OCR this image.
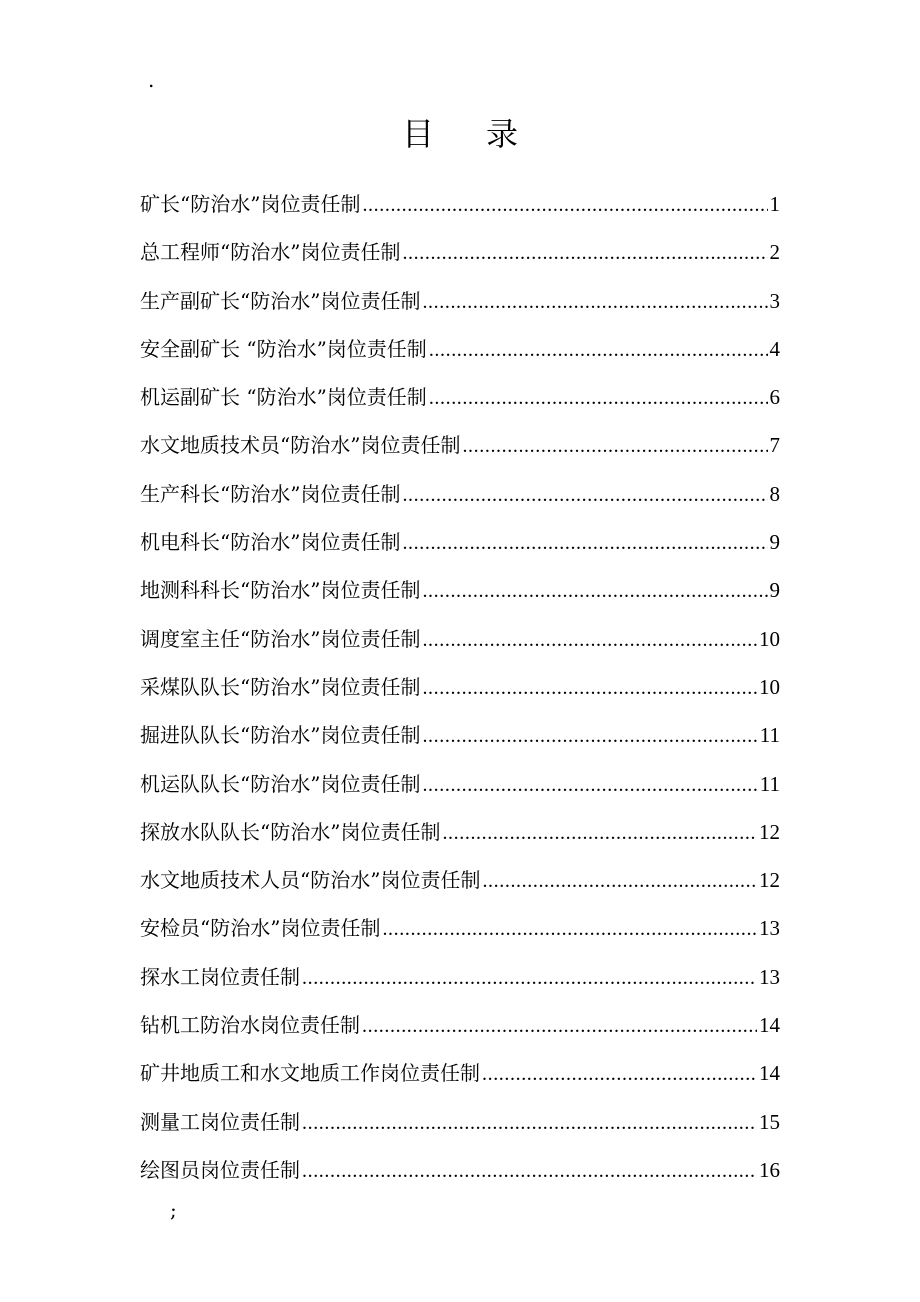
.
目录
矿长“防治水”岗位责任制 .....	1
总工程师“防治水”岗位责任制 .....	2
生产副矿长“防治水”岗位责任制 .....	3
安全副矿长 “防治水”岗位责任制 .....	4
机运副矿长 “防治水”岗位责任制 .....	6
水文地质技术员“防治水”岗位责任制 .....	7
生产科长“防治水”岗位责任制 .....	8
机电科长“防治水”岗位责任制 .....	9
地测科科长“防治水”岗位责任制 .....	9
调度室主任“防治水”岗位责任制 .....	10
采煤队队长“防治水”岗位责任制 .....	10
掘进队队长“防治水”岗位责任制 .....	11
机运队队长“防治水”岗位责任制 .....	11
探放水队队长“防治水”岗位责任制 .....	12
水文地质技术人员“防治水”岗位责任制 .....	12
安检员“防治水”岗位责任制 .....	13
探水工岗位责任制 .....	13
钻机工防治水岗位责任制 .....	14
矿井地质工和水文地质工作岗位责任制 .....	14
测量工岗位责任制 .....	15
绘图员岗位责任制 .....	16
;
